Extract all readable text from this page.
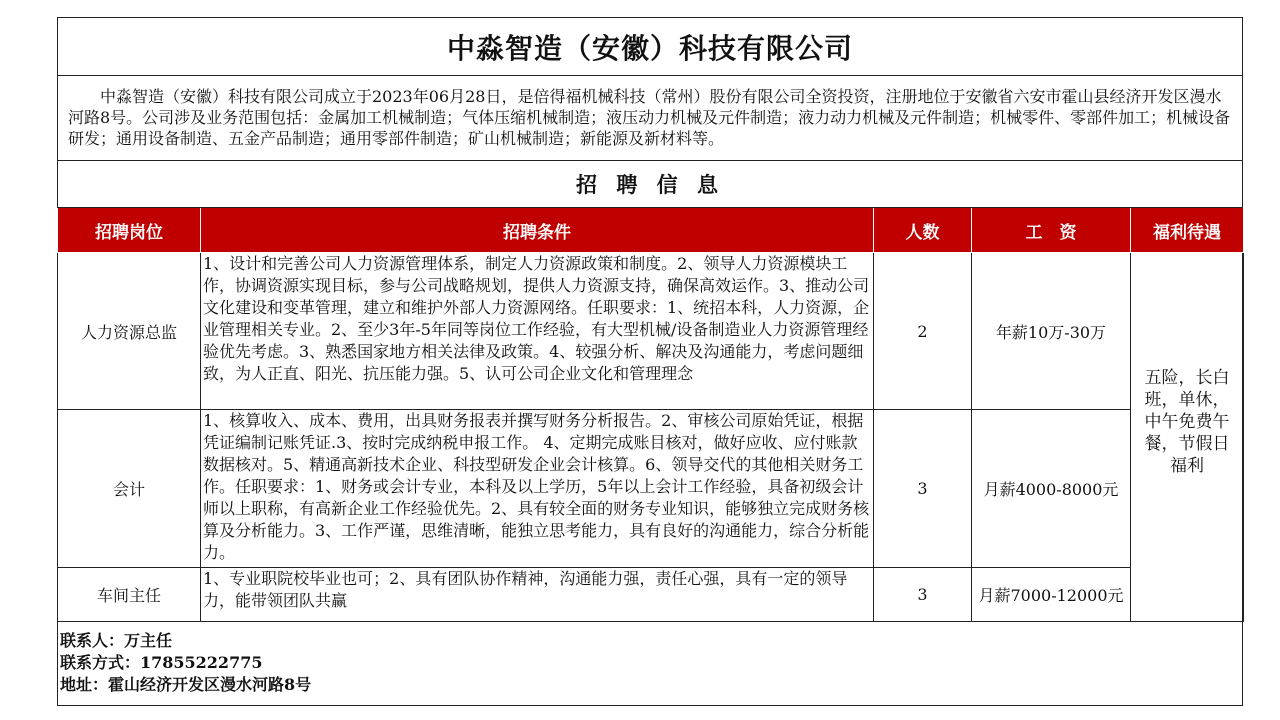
中淼智造（安徽）科技有限公司
中淼智造（安徽）科技有限公司成立于2023年06月28日，是倍得福机械科技（常州）股份有限公司全资投资，注册地位于安徽省六安市霍山县经济开发区漫水河路8号。公司涉及业务范围包括：金属加工机械制造；气体压缩机械制造；液压动力机械及元件制造；液力动力机械及元件制造；机械零件、零部件加工；机械设备研发；通用设备制造、五金产品制造；通用零部件制造；矿山机械制造；新能源及新材料等。
招 聘 信 息
招聘岗位	招聘条件	人数	工　资	福利待遇
人力资源总监	1、设计和完善公司人力资源管理体系，制定人力资源政策和制度。2、领导人力资源模块工作，协调资源实现目标，参与公司战略规划，提供人力资源支持，确保高效运作。3、推动公司文化建设和变革管理，建立和维护外部人力资源网络。任职要求：1、统招本科，人力资源，企业管理相关专业。2、至少3年-5年同等岗位工作经验，有大型机械/设备制造业人力资源管理经验优先考虑。3、熟悉国家地方相关法律及政策。4、较强分析、解决及沟通能力，考虑问题细致，为人正直、阳光、抗压能力强。5、认可公司企业文化和管理理念	2	年薪10万-30万	五险，长白班，单休，中午免费午餐，节假日福利

会计	1、核算收入、成本、费用，出具财务报表并撰写财务分析报告。2、审核公司原始凭证，根据凭证编制记账凭证.3、按时完成纳税申报工作。 4、定期完成账目核对，做好应收、应付账款数据核对。5、精通高新技术企业、科技型研发企业会计核算。6、领导交代的其他相关财务工作。任职要求：1、财务或会计专业，本科及以上学历，5年以上会计工作经验，具备初级会计师以上职称，有高新企业工作经验优先。2、具有较全面的财务专业知识，能够独立完成财务核算及分析能力。3、工作严谨，思维清晰，能独立思考能力，具有良好的沟通能力，综合分析能力。	3	月薪4000-8000元	
车间主任	1、专业职院校毕业也可；2、具有团队协作精神，沟通能力强，责任心强，具有一定的领导力，能带领团队共赢	3	月薪7000-12000元	
联系人：万主任
联系方式：17855222775
地址：霍山经济开发区漫水河路8号
